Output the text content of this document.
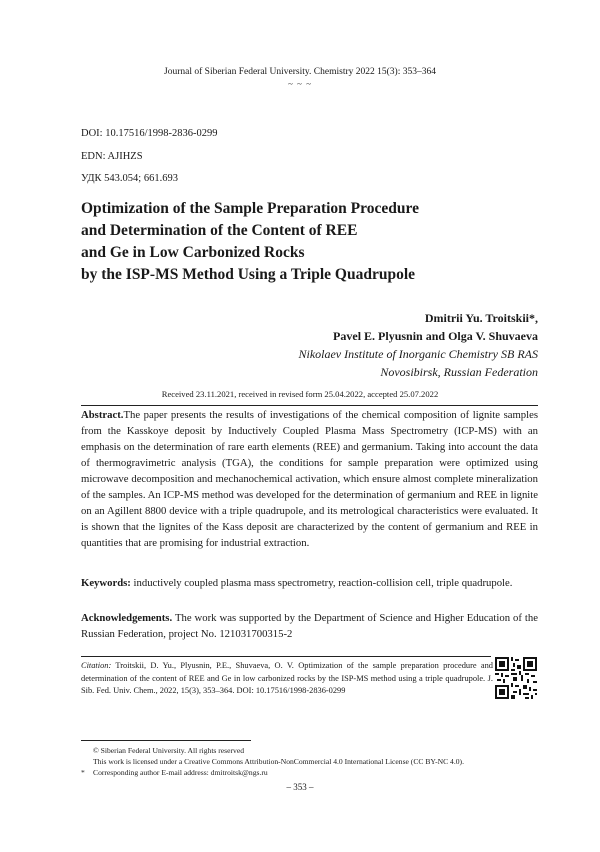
Journal of Siberian Federal University. Chemistry 2022 15(3): 353–364
~ ~ ~
DOI: 10.17516/1998-2836-0299
EDN: AJIHZS
УДК 543.054; 661.693
Optimization of the Sample Preparation Procedure
and Determination of the Content of REE
and Ge in Low Carbonized Rocks
by the ISP-MS Method Using a Triple Quadrupole
Dmitrii Yu. Troitskii*,
Pavel E. Plyusnin and Olga V. Shuvaeva
Nikolaev Institute of Inorganic Chemistry SB RAS
Novosibirsk, Russian Federation
Received 23.11.2021, received in revised form 25.04.2022, accepted 25.07.2022
Abstract.The paper presents the results of investigations of the chemical composition of lignite samples from the Kasskoye deposit by Inductively Coupled Plasma Mass Spectrometry (ICP-MS) with an emphasis on the determination of rare earth elements (REE) and germanium. Taking into account the data of thermogravimetric analysis (TGA), the conditions for sample preparation were optimized using microwave decomposition and mechanochemical activation, which ensure almost complete mineralization of the samples. An ICP-MS method was developed for the determination of germanium and REE in lignite on an Agillent 8800 device with a triple quadrupole, and its metrological characteristics were evaluated. It is shown that the lignites of the Kass deposit are characterized by the content of germanium and REE in quantities that are promising for industrial extraction.
Keywords: inductively coupled plasma mass spectrometry, reaction-collision cell, triple quadrupole.
Acknowledgements. The work was supported by the Department of Science and Higher Education of the Russian Federation, project No. 121031700315-2
Citation: Troitskii, D. Yu., Plyusnin, P.E., Shuvaeva, O. V. Optimization of the sample preparation procedure and determination of the content of REE and Ge in low carbonized rocks by the ISP-MS method using a triple quadrupole. J. Sib. Fed. Univ. Chem., 2022, 15(3), 353–364. DOI: 10.17516/1998-2836-0299
© Siberian Federal University. All rights reserved
This work is licensed under a Creative Commons Attribution-NonCommercial 4.0 International License (CC BY-NC 4.0).
* Corresponding author E-mail address: dmitroitsk@ngs.ru
– 353 –
